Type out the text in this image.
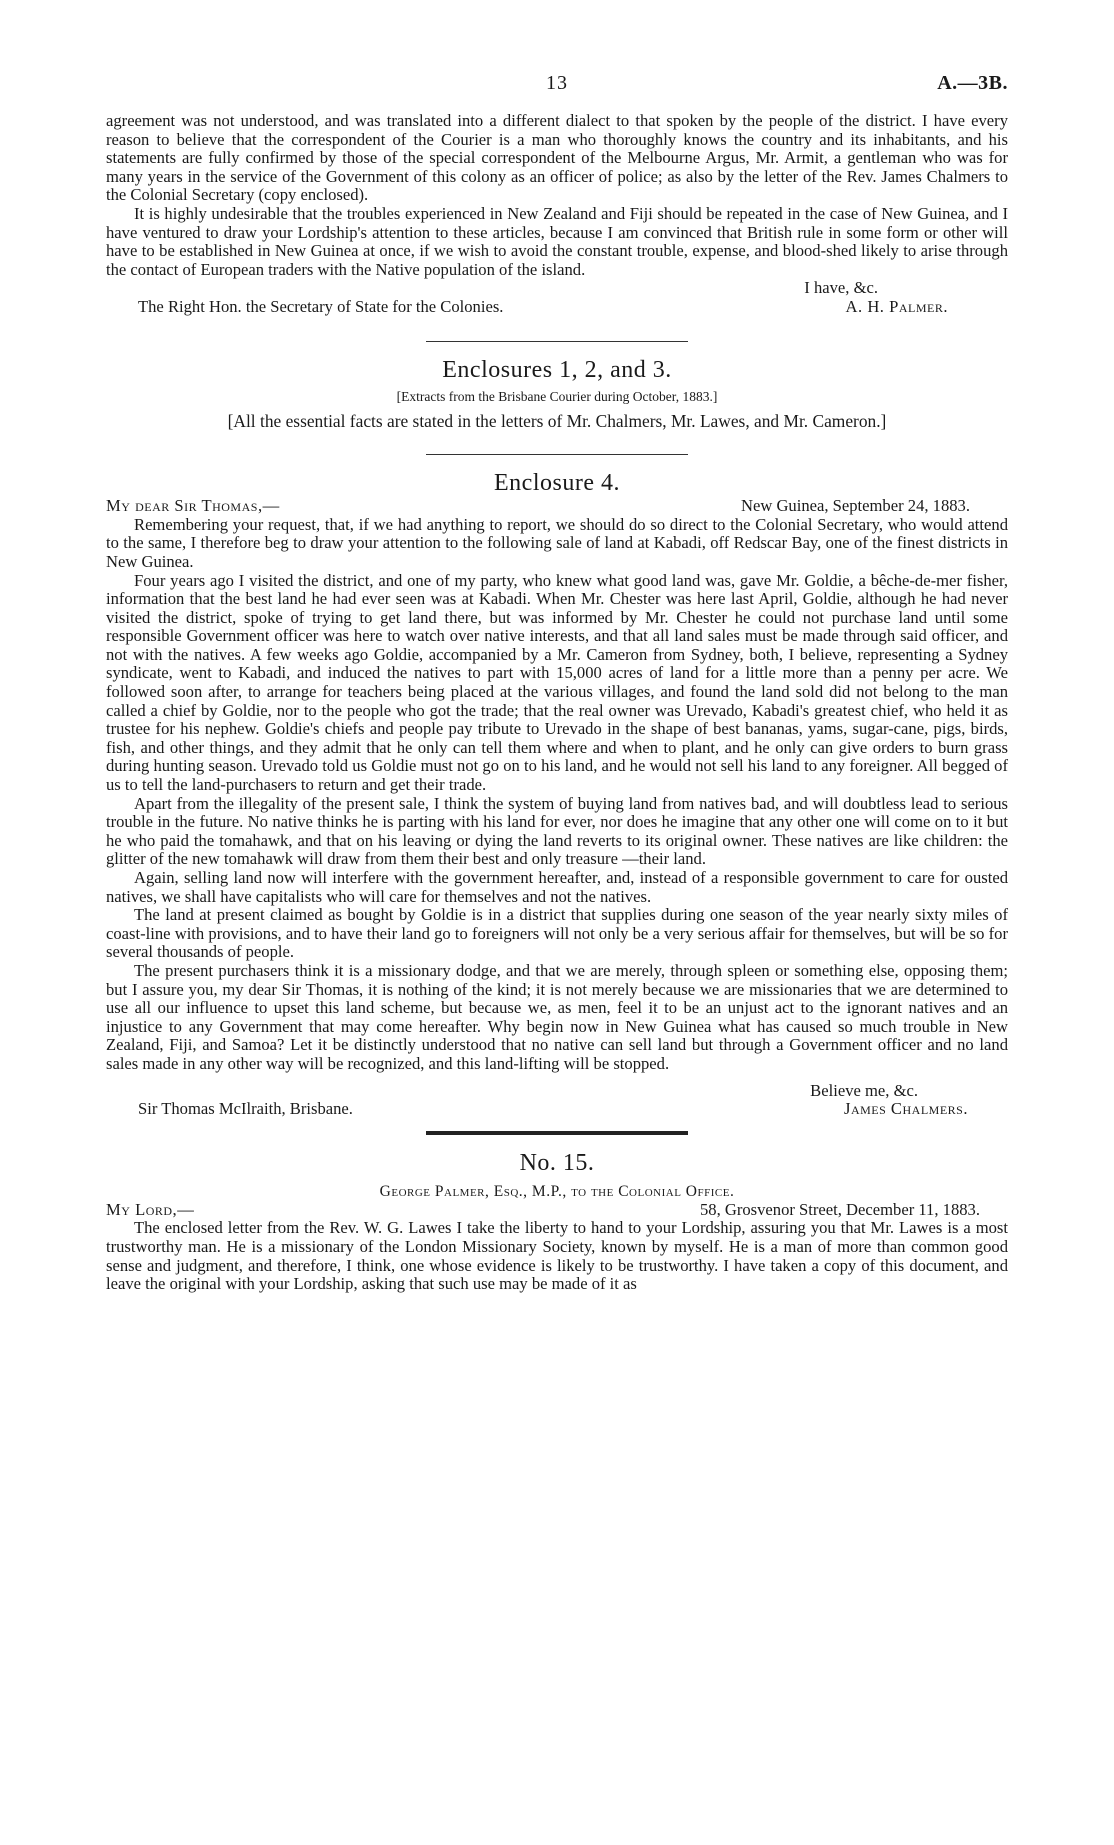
13	A.—3B.

agreement was not understood, and was translated into a different dialect to that spoken by the people of the district. I have every reason to believe that the correspondent of the Courier is a man who thoroughly knows the country and its inhabitants, and his statements are fully confirmed by those of the special correspondent of the Melbourne Argus, Mr. Armit, a gentleman who was for many years in the service of the Government of this colony as an officer of police; as also by the letter of the Rev. James Chalmers to the Colonial Secretary (copy enclosed).

It is highly undesirable that the troubles experienced in New Zealand and Fiji should be repeated in the case of New Guinea, and I have ventured to draw your Lordship's attention to these articles, because I am convinced that British rule in some form or other will have to be established in New Guinea at once, if we wish to avoid the constant trouble, expense, and blood-shed likely to arise through the contact of European traders with the Native population of the island.

I have, &c.
The Right Hon. the Secretary of State for the Colonies.	A. H. Palmer.
Enclosures 1, 2, and 3.
[Extracts from the Brisbane Courier during October, 1883.]
[All the essential facts are stated in the letters of Mr. Chalmers, Mr. Lawes, and Mr. Cameron.]
Enclosure 4.
My dear Sir Thomas,—	New Guinea, September 24, 1883.

Remembering your request, that, if we had anything to report, we should do so direct to the Colonial Secretary, who would attend to the same, I therefore beg to draw your attention to the following sale of land at Kabadi, off Redscar Bay, one of the finest districts in New Guinea.

Four years ago I visited the district, and one of my party, who knew what good land was, gave Mr. Goldie, a bêche-de-mer fisher, information that the best land he had ever seen was at Kabadi. When Mr. Chester was here last April, Goldie, although he had never visited the district, spoke of trying to get land there, but was informed by Mr. Chester he could not purchase land until some responsible Government officer was here to watch over native interests, and that all land sales must be made through said officer, and not with the natives. A few weeks ago Goldie, accompanied by a Mr. Cameron from Sydney, both, I believe, representing a Sydney syndicate, went to Kabadi, and induced the natives to part with 15,000 acres of land for a little more than a penny per acre. We followed soon after, to arrange for teachers being placed at the various villages, and found the land sold did not belong to the man called a chief by Goldie, nor to the people who got the trade; that the real owner was Urevado, Kabadi's greatest chief, who held it as trustee for his nephew. Goldie's chiefs and people pay tribute to Urevado in the shape of best bananas, yams, sugar-cane, pigs, birds, fish, and other things, and they admit that he only can tell them where and when to plant, and he only can give orders to burn grass during hunting season. Urevado told us Goldie must not go on to his land, and he would not sell his land to any foreigner. All begged of us to tell the land-purchasers to return and get their trade.

Apart from the illegality of the present sale, I think the system of buying land from natives bad, and will doubtless lead to serious trouble in the future. No native thinks he is parting with his land for ever, nor does he imagine that any other one will come on to it but he who paid the tomahawk, and that on his leaving or dying the land reverts to its original owner. These natives are like children: the glitter of the new tomahawk will draw from them their best and only treasure —their land.

Again, selling land now will interfere with the government hereafter, and, instead of a responsible government to care for ousted natives, we shall have capitalists who will care for themselves and not the natives.

The land at present claimed as bought by Goldie is in a district that supplies during one season of the year nearly sixty miles of coast-line with provisions, and to have their land go to foreigners will not only be a very serious affair for themselves, but will be so for several thousands of people.

The present purchasers think it is a missionary dodge, and that we are merely, through spleen or something else, opposing them; but I assure you, my dear Sir Thomas, it is nothing of the kind; it is not merely because we are missionaries that we are determined to use all our influence to upset this land scheme, but because we, as men, feel it to be an unjust act to the ignorant natives and an injustice to any Government that may come hereafter. Why begin now in New Guinea what has caused so much trouble in New Zealand, Fiji, and Samoa? Let it be distinctly understood that no native can sell land but through a Government officer and no land sales made in any other way will be recognized, and this land-lifting will be stopped.

Believe me, &c.
Sir Thomas McIlraith, Brisbane.	James Chalmers.
No. 15.
George Palmer, Esq., M.P., to the Colonial Office.
My Lord,—	58, Grosvenor Street, December 11, 1883.

The enclosed letter from the Rev. W. G. Lawes I take the liberty to hand to your Lordship, assuring you that Mr. Lawes is a most trustworthy man. He is a missionary of the London Missionary Society, known by myself. He is a man of more than common good sense and judgment, and therefore, I think, one whose evidence is likely to be trustworthy. I have taken a copy of this document, and leave the original with your Lordship, asking that such use may be made of it as
